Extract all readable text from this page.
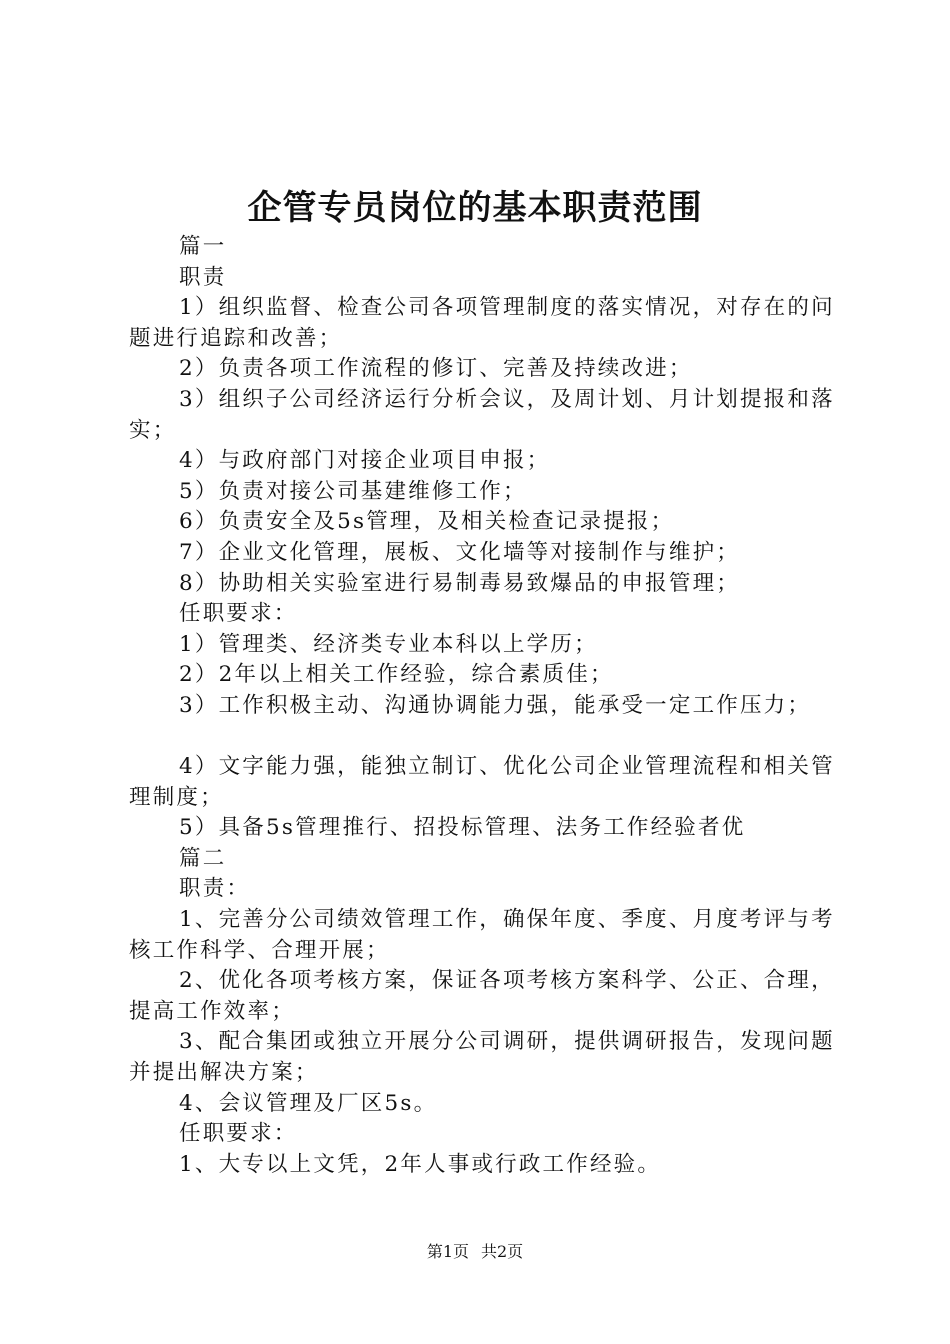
企管专员岗位的基本职责范围

篇一

职责

1）组织监督、检查公司各项管理制度的落实情况，对存在的问题进行追踪和改善；

2）负责各项工作流程的修订、完善及持续改进；

3）组织子公司经济运行分析会议，及周计划、月计划提报和落实；

4）与政府部门对接企业项目申报；

5）负责对接公司基建维修工作；

6）负责安全及5s管理，及相关检查记录提报；

7）企业文化管理，展板、文化墙等对接制作与维护；

8）协助相关实验室进行易制毒易致爆品的申报管理；

任职要求：

1）管理类、经济类专业本科以上学历；

2）2年以上相关工作经验，综合素质佳；

3）工作积极主动、沟通协调能力强，能承受一定工作压力；

4）文字能力强，能独立制订、优化公司企业管理流程和相关管理制度；

5）具备5s管理推行、招投标管理、法务工作经验者优

篇二

职责：

1、完善分公司绩效管理工作，确保年度、季度、月度考评与考核工作科学、合理开展；

2、优化各项考核方案，保证各项考核方案科学、公正、合理，提高工作效率；

3、配合集团或独立开展分公司调研，提供调研报告，发现问题并提出解决方案；

4、会议管理及厂区5s。

任职要求：

1、大专以上文凭，2年人事或行政工作经验。

第1页 共2页
